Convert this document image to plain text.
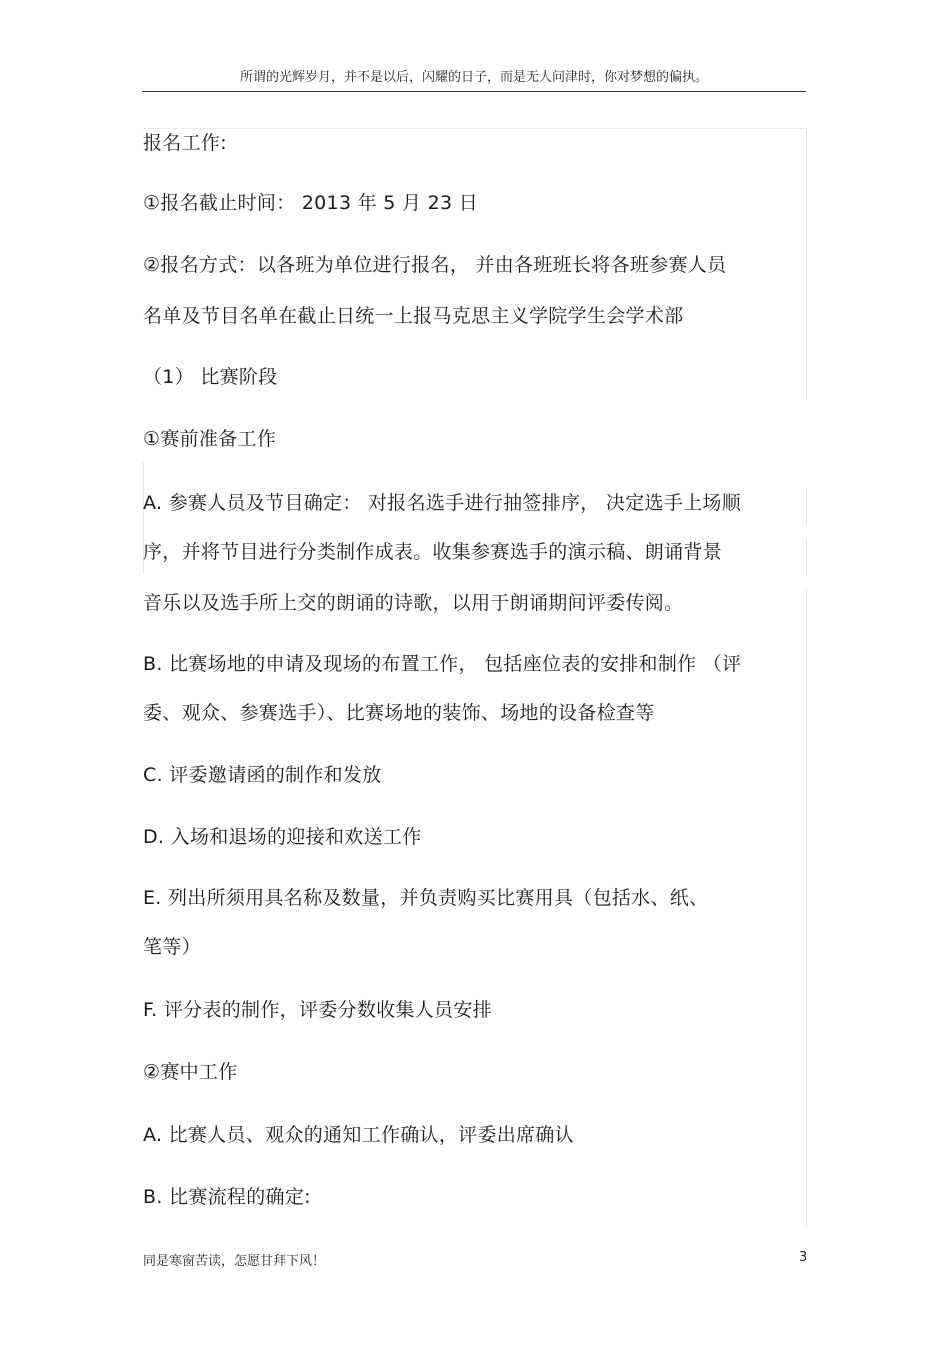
所谓的光辉岁月，并不是以后，闪耀的日子，而是无人问津时，你对梦想的偏执。
报名工作:
①报名截止时间： 2013 年 5 月 23 日
②报名方式：以各班为单位进行报名， 并由各班班长将各班参赛人员
名单及节目名单在截止日统一上报马克思主义学院学生会学术部
（1） 比赛阶段
①赛前准备工作
A. 参赛人员及节目确定： 对报名选手进行抽签排序， 决定选手上场顺
序，并将节目进行分类制作成表。收集参赛选手的演示稿、朗诵背景
音乐以及选手所上交的朗诵的诗歌，以用于朗诵期间评委传阅。
B. 比赛场地的申请及现场的布置工作， 包括座位表的安排和制作 （评
委、观众、参赛选手）、比赛场地的装饰、场地的设备检查等
C. 评委邀请函的制作和发放
D. 入场和退场的迎接和欢送工作
E. 列出所须用具名称及数量，并负责购买比赛用具（包括水、纸、
笔等）
F. 评分表的制作，评委分数收集人员安排
②赛中工作
A. 比赛人员、观众的通知工作确认，评委出席确认
B. 比赛流程的确定:
同是寒窗苦读，怎愿甘拜下风！	3
